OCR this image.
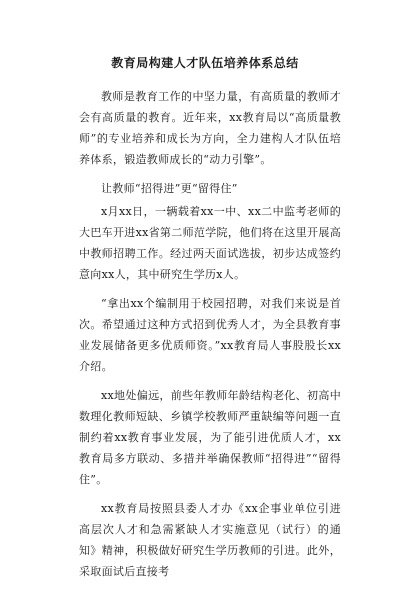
教育局构建人才队伍培养体系总结

教师是教育工作的中坚力量，有高质量的教师才会有高质量的教育。近年来，xx教育局以“高质量教师”的专业培养和成长为方向，全力建构人才队伍培养体系，锻造教师成长的“动力引擎”。

让教师“招得进”更“留得住”

x月xx日，一辆载着xx一中、xx二中监考老师的大巴车开进xx省第二师范学院，他们将在这里开展高中教师招聘工作。经过两天面试选拔，初步达成签约意向xx人，其中研究生学历x人。

“拿出xx个编制用于校园招聘，对我们来说是首次。希望通过这种方式招到优秀人才，为全县教育事业发展储备更多优质师资。”xx教育局人事股股长xx介绍。

xx地处偏远，前些年教师年龄结构老化、初高中数理化教师短缺、乡镇学校教师严重缺编等问题一直制约着xx教育事业发展，为了能引进优质人才，xx教育局多方联动、多措并举确保教师“招得进”“留得住”。

xx教育局按照县委人才办《xx企事业单位引进高层次人才和急需紧缺人才实施意见（试行）的通知》精神，积极做好研究生学历教师的引进。此外，采取面试后直接考
